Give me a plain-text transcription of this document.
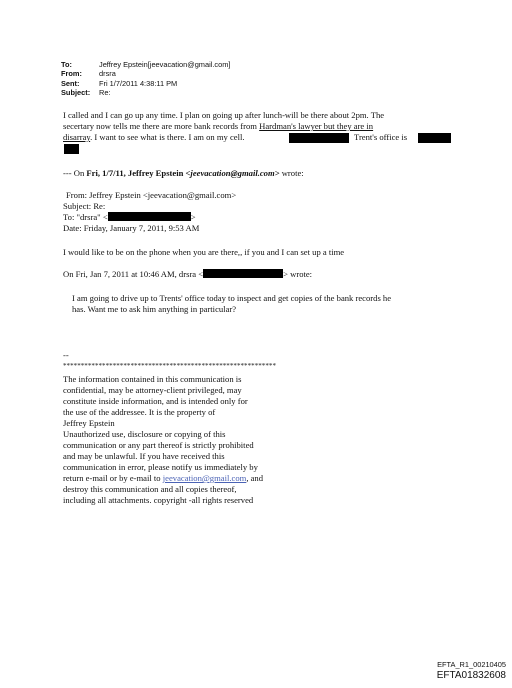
To:	Jeffrey Epstein[jeevacation@gmail.com]
From:	drsra
Sent:	Fri 1/7/2011 4:38:11 PM
Subject:	Re:
I called and I can go up any time. I plan on going up after lunch-will be there about 2pm. The
secertary now tells me there are more bank records from Hardman's lawyer but they are in
disarray. I want to see what is there. I am on my cell.	Trent's office is
--- On Fri, 1/7/11, Jeffrey Epstein <jeevacation@gmail.com> wrote:
From: Jeffrey Epstein <jeevacation@gmail.com>
Subject: Re:
To: "drsra" <	>
Date: Friday, January 7, 2011, 9:53 AM
I would like to be on the phone when you are there,, if you and I can set up a time
On Fri, Jan 7, 2011 at 10:46 AM, drsra <	> wrote:
I am going to drive up to Trents' office today to inspect and get copies of the bank records he
has. Want me to ask him anything in particular?
--
************************************************************
The information contained in this communication is
confidential, may be attorney-client privileged, may
constitute inside information, and is intended only for
the use of the addressee. It is the property of
Jeffrey Epstein
Unauthorized use, disclosure or copying of this
communication or any part thereof is strictly prohibited
and may be unlawful. If you have received this
communication in error, please notify us immediately by
return e-mail or by e-mail to jeevacation@gmail.com, and
destroy this communication and all copies thereof,
including all attachments. copyright -all rights reserved
EFTA_R1_00210405
EFTA01832608
